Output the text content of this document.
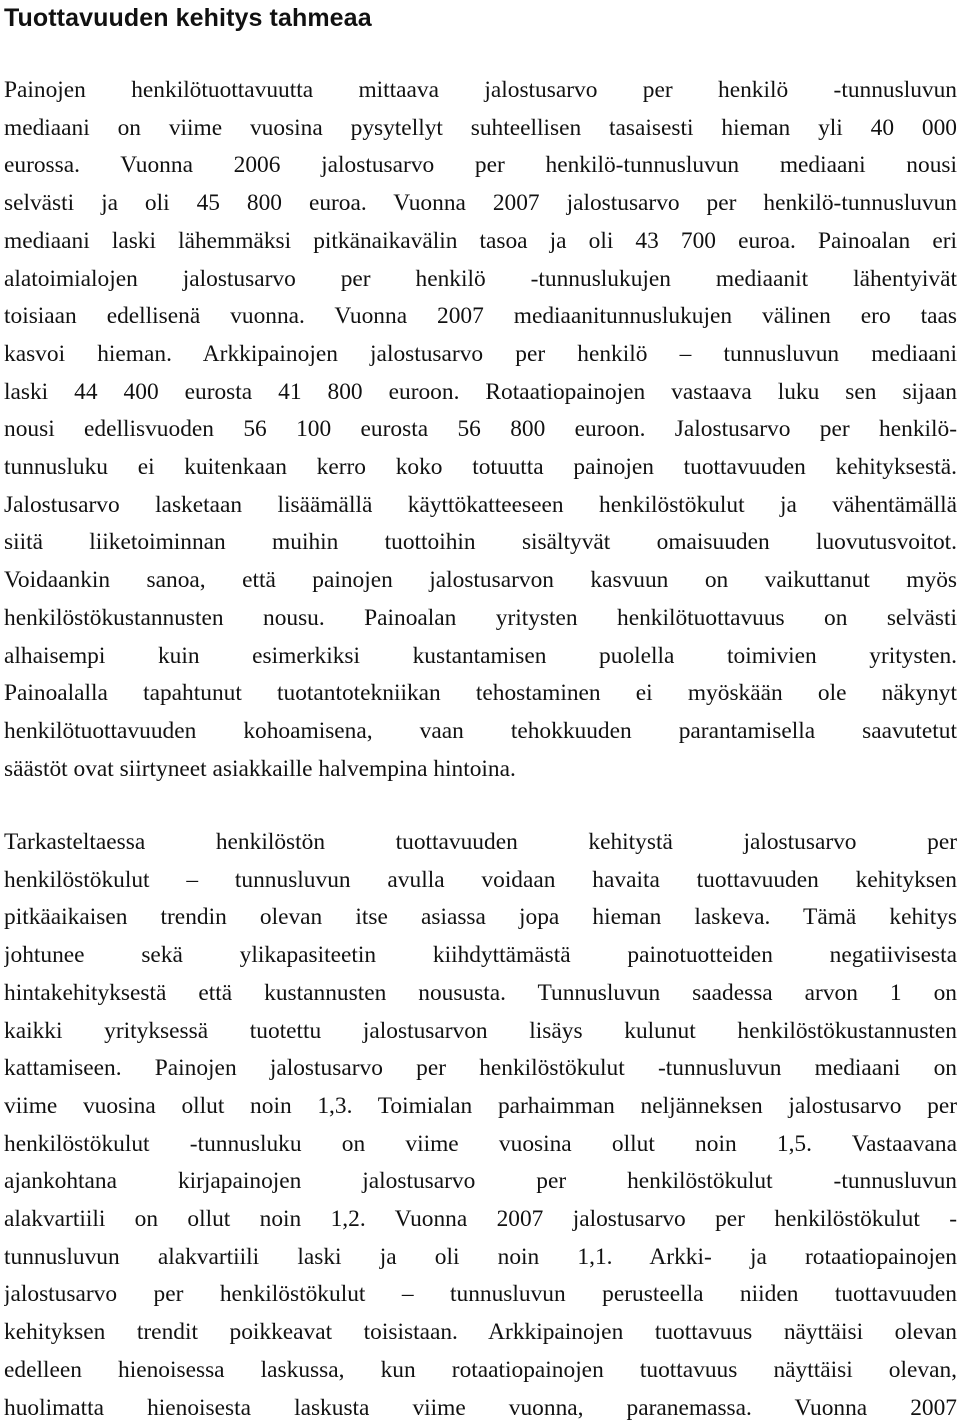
Tuottavuuden kehitys tahmeaa
Painojen henkilötuottavuutta mittaava jalostusarvo per henkilö -tunnusluvun
mediaani on viime vuosina pysytellyt suhteellisen tasaisesti hieman yli 40 000
eurossa. Vuonna 2006 jalostusarvo per henkilö-tunnusluvun mediaani nousi
selvästi ja oli 45 800 euroa. Vuonna 2007 jalostusarvo per henkilö-tunnusluvun
mediaani laski lähemmäksi pitkänaikavälin tasoa ja oli 43 700 euroa. Painoalan eri
alatoimialojen jalostusarvo per henkilö -tunnuslukujen mediaanit lähentyivät
toisiaan edellisenä vuonna. Vuonna 2007 mediaanitunnuslukujen välinen ero taas
kasvoi hieman. Arkkipainojen jalostusarvo per henkilö – tunnusluvun mediaani
laski 44 400 eurosta 41 800 euroon. Rotaatiopainojen vastaava luku sen sijaan
nousi edellisvuoden 56 100 eurosta 56 800 euroon. Jalostusarvo per henkilö-
tunnusluku ei kuitenkaan kerro koko totuutta painojen tuottavuuden kehityksestä.
Jalostusarvo lasketaan lisäämällä käyttökatteeseen henkilöstökulut ja vähentämällä
siitä liiketoiminnan muihin tuottoihin sisältyvät omaisuuden luovutusvoitot.
Voidaankin sanoa, että painojen jalostusarvon kasvuun on vaikuttanut myös
henkilöstökustannusten nousu. Painoalan yritysten henkilötuottavuus on selvästi
alhaisempi kuin esimerkiksi kustantamisen puolella toimivien yritysten.
Painoalalla tapahtunut tuotantotekniikan tehostaminen ei myöskään ole näkynyt
henkilötuottavuuden kohoamisena, vaan tehokkuuden parantamisella saavutetut
säästöt ovat siirtyneet asiakkaille halvempina hintoina.
Tarkasteltaessa henkilöstön tuottavuuden kehitystä jalostusarvo per
henkilöstökulut – tunnusluvun avulla voidaan havaita tuottavuuden kehityksen
pitkäaikaisen trendin olevan itse asiassa jopa hieman laskeva. Tämä kehitys
johtunee sekä ylikapasiteetin kiihdyttämästä painotuotteiden negatiivisesta
hintakehityksestä että kustannusten noususta. Tunnusluvun saadessa arvon 1 on
kaikki yrityksessä tuotettu jalostusarvon lisäys kulunut henkilöstökustannusten
kattamiseen. Painojen jalostusarvo per henkilöstökulut -tunnusluvun mediaani on
viime vuosina ollut noin 1,3. Toimialan parhaimman neljänneksen jalostusarvo per
henkilöstökulut -tunnusluku on viime vuosina ollut noin 1,5. Vastaavana
ajankohtana kirjapainojen jalostusarvo per henkilöstökulut -tunnusluvun
alakvartiili on ollut noin 1,2. Vuonna 2007 jalostusarvo per henkilöstökulut -
tunnusluvun alakvartiili laski ja oli noin 1,1. Arkki- ja rotaatiopainojen
jalostusarvo per henkilöstökulut – tunnusluvun perusteella niiden tuottavuuden
kehityksen trendit poikkeavat toisistaan. Arkkipainojen tuottavuus näyttäisi olevan
edelleen hienoisessa laskussa, kun rotaatiopainojen tuottavuus näyttäisi olevan,
huolimatta hienoisesta laskusta viime vuonna, paranemassa. Vuonna 2007
